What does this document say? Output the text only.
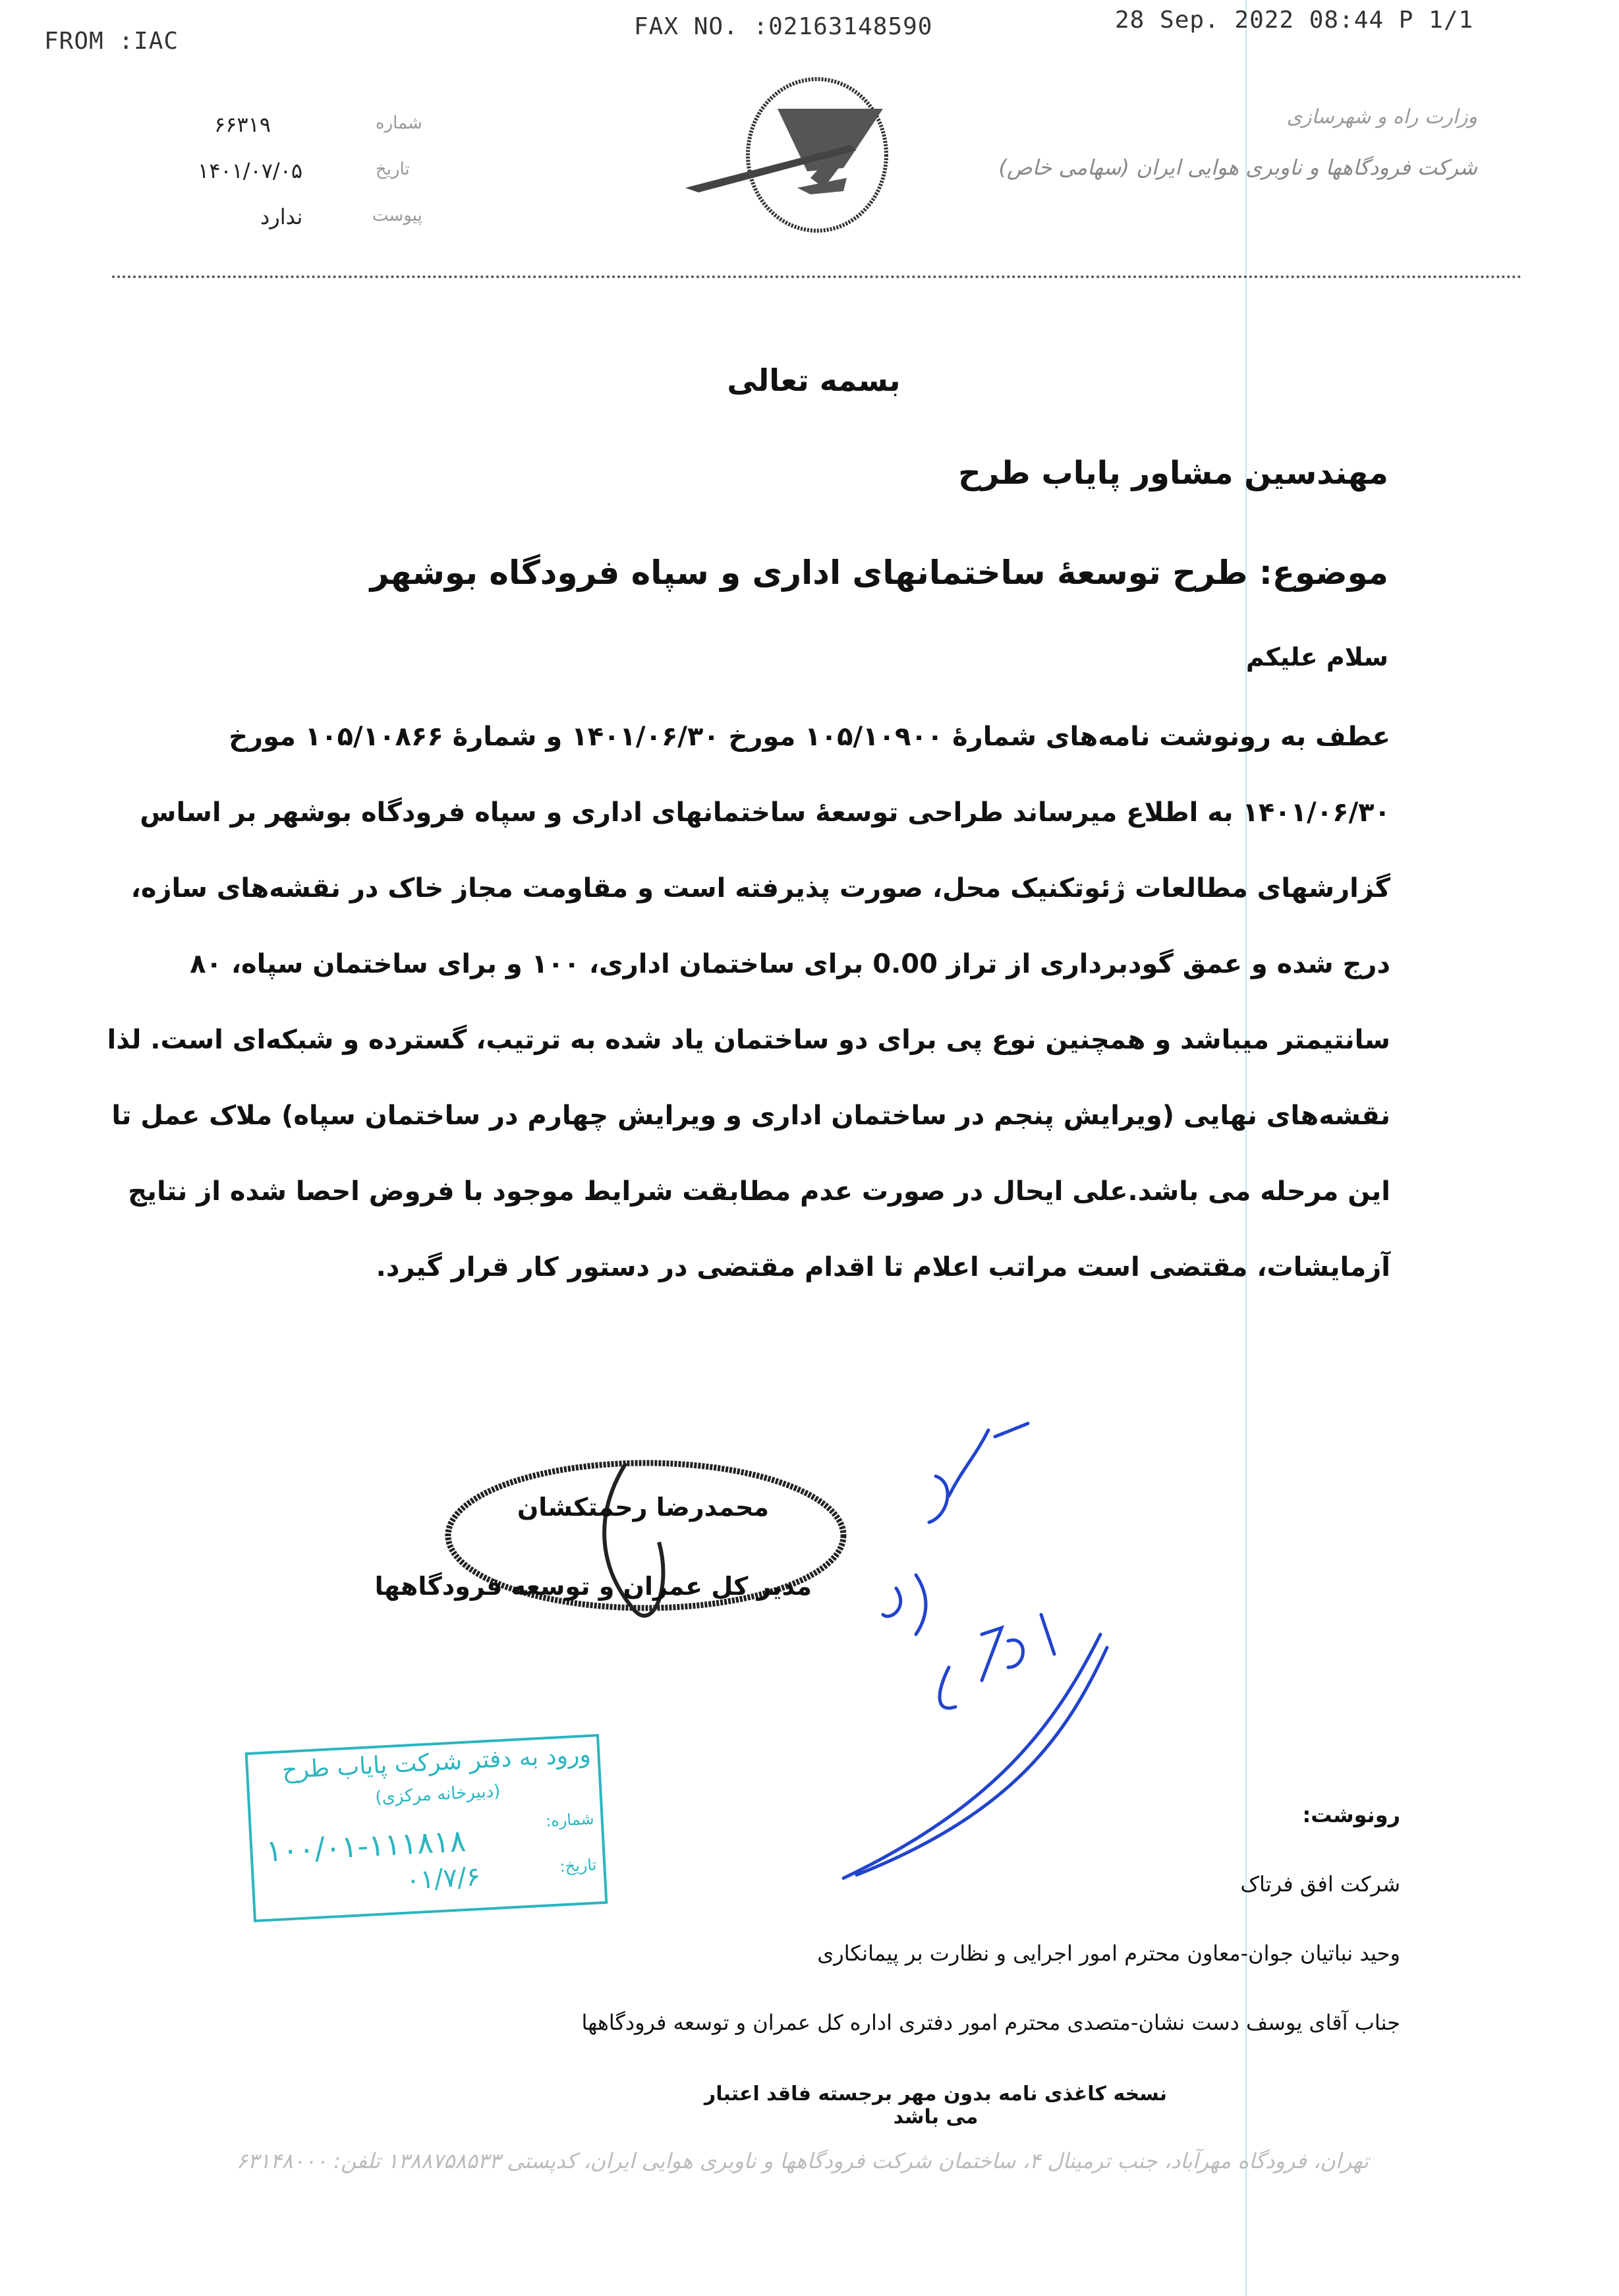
FROM :IAC
FAX NO. :02163148590	28 Sep. 2022 08:44 P 1/1
۶۶۳۱۹	شماره
۱۴۰۱/۰۷/۰۵	تاریخ
ندارد	پیوست
وزارت راه و شهرسازی
شرکت فرودگاهها و ناوبری هوایی ایران (سهامی خاص)
بسمه تعالی
مهندسین مشاور پایاب طرح
موضوع: طرح توسعهٔ ساختمانهای اداری و سپاه فرودگاه بوشهر
سلام علیکم
عطف به رونوشت نامه‌های شمارهٔ ۱۰۵/۱۰۹۰۰ مورخ ۱۴۰۱/۰۶/۳۰ و شمارهٔ ۱۰۵/۱۰۸۶۶ مورخ
۱۴۰۱/۰۶/۳۰ به اطلاع میرساند طراحی توسعهٔ ساختمانهای اداری و سپاه فرودگاه بوشهر بر اساس
گزارشهای مطالعات ژئوتکنیک محل، صورت پذیرفته است و مقاومت مجاز خاک در نقشه‌های سازه،
درج شده و عمق گودبرداری از تراز 0.00 برای ساختمان اداری، ۱۰۰ و برای ساختمان سپاه، ۸۰
سانتیمتر میباشد و همچنین نوع پی برای دو ساختمان یاد شده به ترتیب، گسترده و شبکه‌ای است. لذا
نقشه‌های نهایی (ویرایش پنجم در ساختمان اداری و ویرایش چهارم در ساختمان سپاه) ملاک عمل تا
این مرحله می باشد.علی ایحال در صورت عدم مطابقت شرایط موجود با فروض احصا شده از نتایج
آزمایشات، مقتضی است مراتب اعلام تا اقدام مقتضی در دستور کار قرار گیرد.
محمدرضا رحمتکشان
مدیر کل عمران و توسعه فرودگاهها
ورود به دفتر شرکت پایاب طرح
(دبیرخانه مرکزی)
شماره:
۱۰۰/۰۱-۱۱۱۸۱۸	تاریخ:
۰۱/۷/۶
رونوشت:
شرکت افق فرتاک
وحید نباتیان جوان-معاون محترم امور اجرایی و نظارت بر پیمانکاری
جناب آقای یوسف دست نشان-متصدی محترم امور دفتری اداره کل عمران و توسعه فرودگاهها
نسخه کاغذی نامه بدون مهر برجسته فاقد اعتبار می باشد
تهران، فرودگاه مهرآباد، جنب ترمینال ۴، ساختمان شرکت فرودگاهها و ناوبری هوایی ایران، کدپستی ۱۳۸۸۷۵۸۵۳۳ تلفن: ۶۳۱۴۸۰۰۰
